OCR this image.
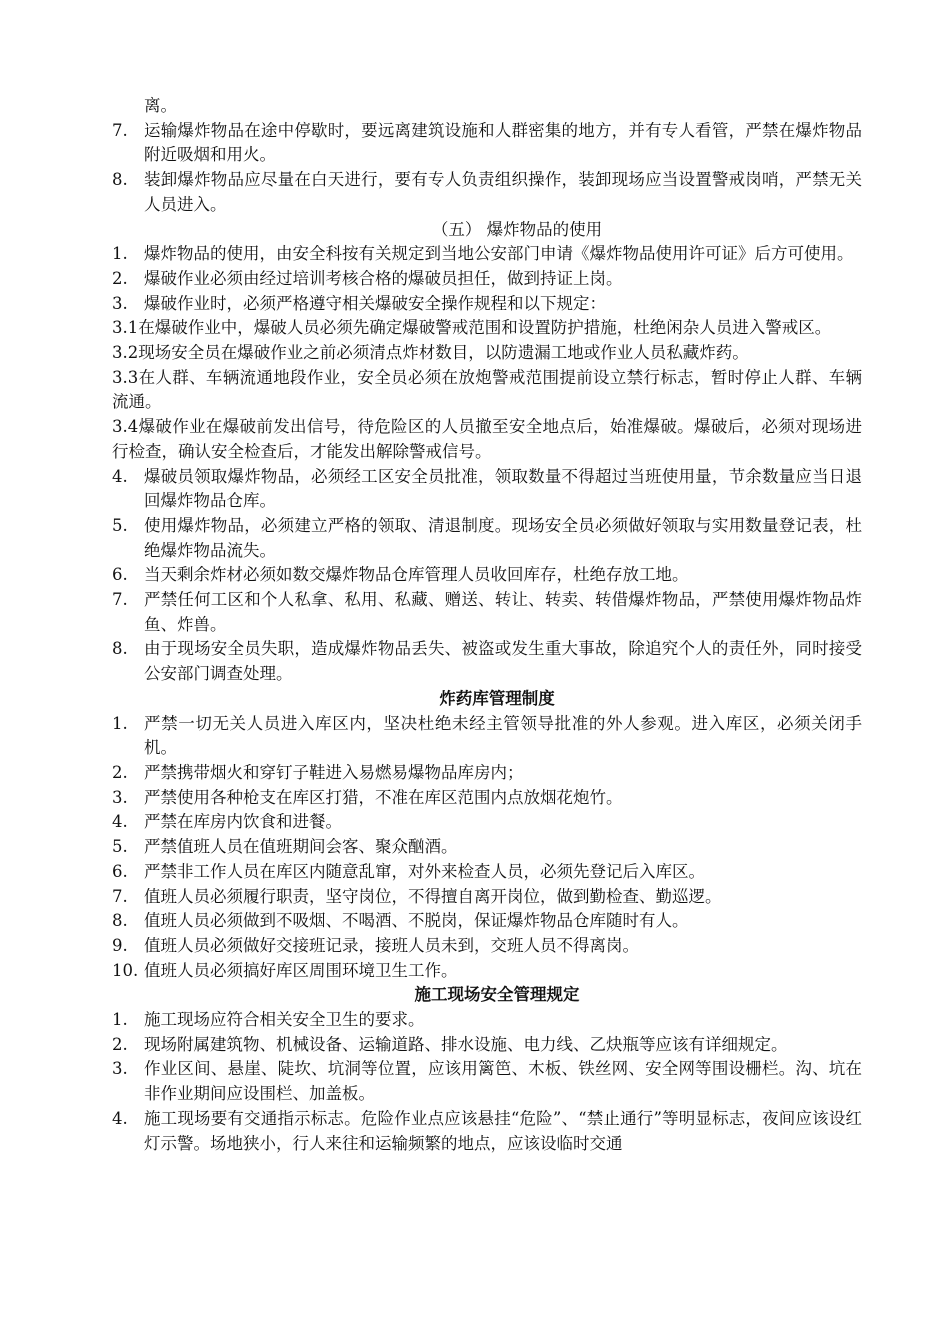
离。
7. 运输爆炸物品在途中停歇时，要远离建筑设施和人群密集的地方，并有专人看管，严禁在爆炸物品附近吸烟和用火。
8. 装卸爆炸物品应尽量在白天进行，要有专人负责组织操作，装卸现场应当设置警戒岗哨，严禁无关人员进入。
（五） 爆炸物品的使用
1. 爆炸物品的使用，由安全科按有关规定到当地公安部门申请《爆炸物品使用许可证》后方可使用。
2. 爆破作业必须由经过培训考核合格的爆破员担任，做到持证上岗。
3. 爆破作业时，必须严格遵守相关爆破安全操作规程和以下规定：
3.1在爆破作业中，爆破人员必须先确定爆破警戒范围和设置防护措施，杜绝闲杂人员进入警戒区。
3.2现场安全员在爆破作业之前必须清点炸材数目，以防遗漏工地或作业人员私藏炸药。
3.3在人群、车辆流通地段作业，安全员必须在放炮警戒范围提前设立禁行标志，暂时停止人群、车辆流通。
3.4爆破作业在爆破前发出信号，待危险区的人员撤至安全地点后，始准爆破。爆破后，必须对现场进行检查，确认安全检查后，才能发出解除警戒信号。
4. 爆破员领取爆炸物品，必须经工区安全员批准，领取数量不得超过当班使用量，节余数量应当日退回爆炸物品仓库。
5. 使用爆炸物品，必须建立严格的领取、清退制度。现场安全员必须做好领取与实用数量登记表，杜绝爆炸物品流失。
6. 当天剩余炸材必须如数交爆炸物品仓库管理人员收回库存，杜绝存放工地。
7. 严禁任何工区和个人私拿、私用、私藏、赠送、转让、转卖、转借爆炸物品，严禁使用爆炸物品炸鱼、炸兽。
8. 由于现场安全员失职，造成爆炸物品丢失、被盗或发生重大事故，除追究个人的责任外，同时接受公安部门调查处理。
炸药库管理制度
1. 严禁一切无关人员进入库区内，坚决杜绝未经主管领导批准的外人参观。进入库区，必须关闭手机。
2. 严禁携带烟火和穿钉子鞋进入易燃易爆物品库房内；
3. 严禁使用各种枪支在库区打猎，不准在库区范围内点放烟花炮竹。
4. 严禁在库房内饮食和进餐。
5. 严禁值班人员在值班期间会客、聚众酗酒。
6. 严禁非工作人员在库区内随意乱窜，对外来检查人员，必须先登记后入库区。
7. 值班人员必须履行职责，坚守岗位，不得擅自离开岗位，做到勤检查、勤巡逻。
8. 值班人员必须做到不吸烟、不喝酒、不脱岗，保证爆炸物品仓库随时有人。
9. 值班人员必须做好交接班记录，接班人员未到，交班人员不得离岗。
10. 值班人员必须搞好库区周围环境卫生工作。
施工现场安全管理规定
1. 施工现场应符合相关安全卫生的要求。
2. 现场附属建筑物、机械设备、运输道路、排水设施、电力线、乙炔瓶等应该有详细规定。
3. 作业区间、悬崖、陡坎、坑洞等位置，应该用篱笆、木板、铁丝网、安全网等围设栅栏。沟、坑在非作业期间应设围栏、加盖板。
4. 施工现场要有交通指示标志。危险作业点应该悬挂“危险”、“禁止通行”等明显标志，夜间应该设红灯示警。场地狭小，行人来往和运输频繁的地点，应该设临时交通
